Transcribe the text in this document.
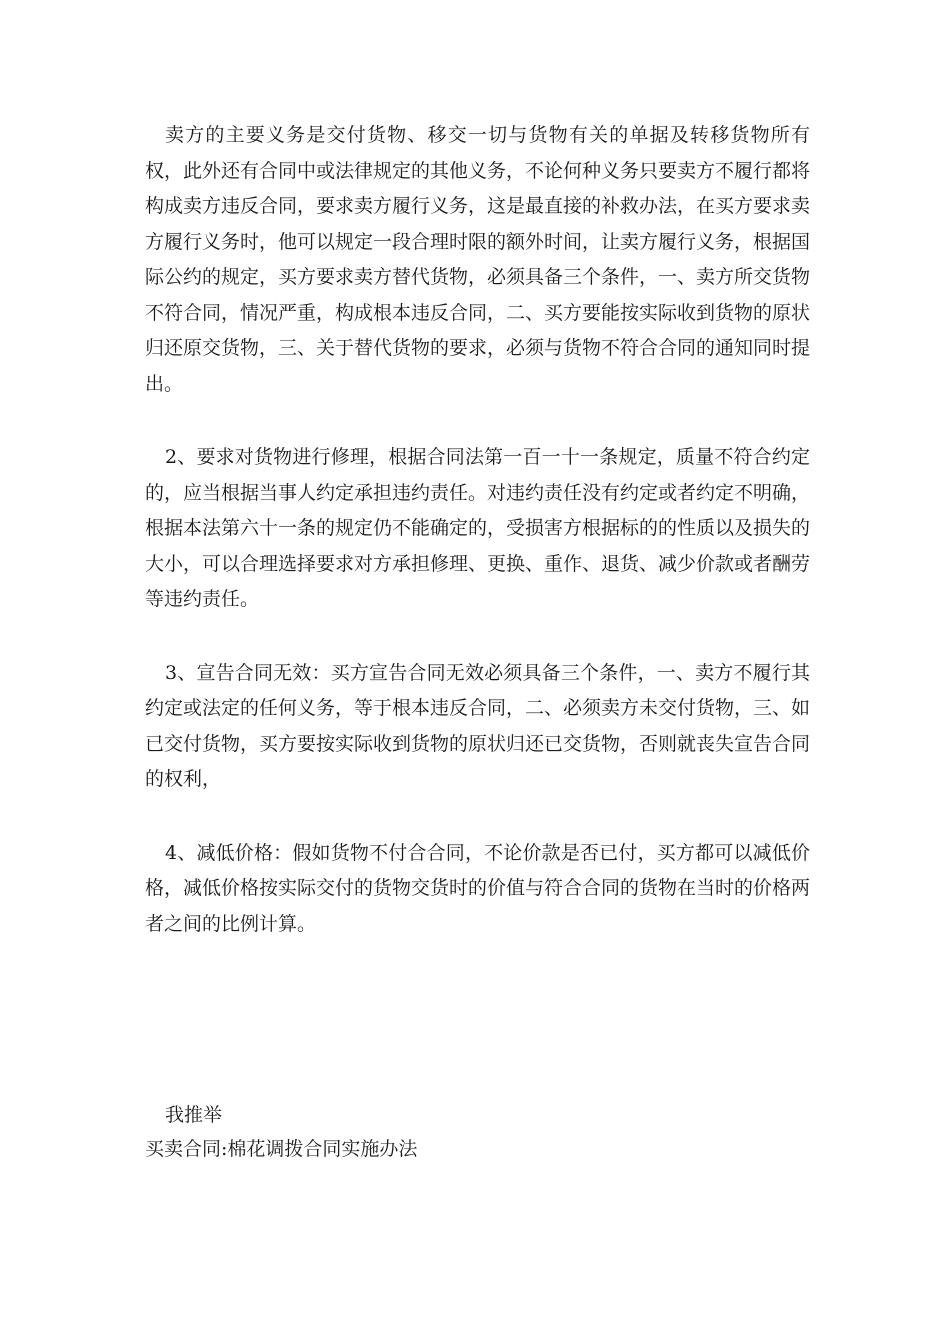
卖方的主要义务是交付货物、移交一切与货物有关的单据及转移货物所有权，此外还有合同中或法律规定的其他义务，不论何种义务只要卖方不履行都将构成卖方违反合同，要求卖方履行义务，这是最直接的补救办法，在买方要求卖方履行义务时，他可以规定一段合理时限的额外时间，让卖方履行义务，根据国际公约的规定，买方要求卖方替代货物，必须具备三个条件，一、卖方所交货物不符合同，情况严重，构成根本违反合同，二、买方要能按实际收到货物的原状归还原交货物，三、关于替代货物的要求，必须与货物不符合合同的通知同时提出。

2、要求对货物进行修理，根据合同法第一百一十一条规定，质量不符合约定的，应当根据当事人约定承担违约责任。对违约责任没有约定或者约定不明确，根据本法第六十一条的规定仍不能确定的，受损害方根据标的的性质以及损失的大小，可以合理选择要求对方承担修理、更换、重作、退货、减少价款或者酬劳等违约责任。

3、宣告合同无效：买方宣告合同无效必须具备三个条件，一、卖方不履行其约定或法定的任何义务，等于根本违反合同，二、必须卖方未交付货物，三、如已交付货物，买方要按实际收到货物的原状归还已交货物，否则就丧失宣告合同的权利，

4、减低价格：假如货物不付合合同，不论价款是否已付，买方都可以减低价格，减低价格按实际交付的货物交货时的价值与符合合同的货物在当时的价格两者之间的比例计算。

我推举

买卖合同:棉花调拨合同实施办法
